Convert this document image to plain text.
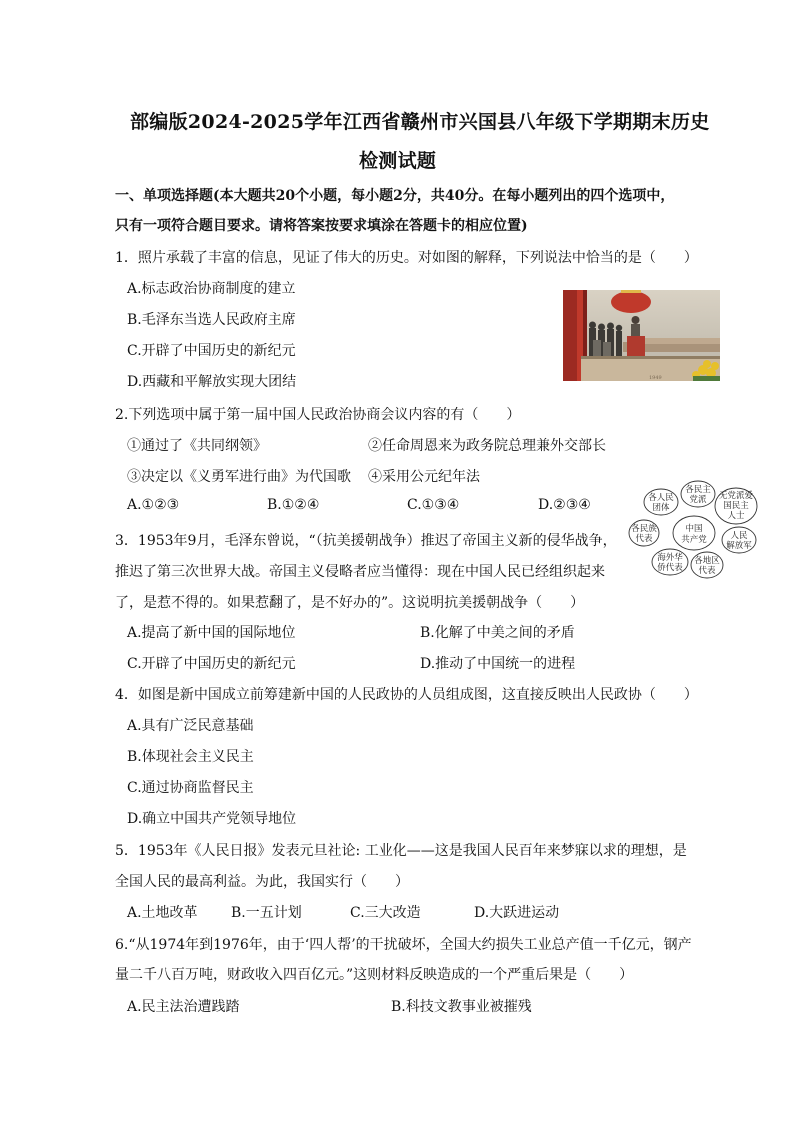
部编版2024-2025学年江西省赣州市兴国县八年级下学期期末历史
检测试题
一、单项选择题(本大题共20个小题，每小题2分，共40分。在每小题列出的四个选项中，
只有一项符合题目要求。请将答案按要求填涂在答题卡的相应位置)
1．照片承载了丰富的信息，见证了伟大的历史。对如图的解释，下列说法中恰当的是（　　）
A.标志政治协商制度的建立
B.毛泽东当选人民政府主席
C.开辟了中国历史的新纪元
D.西藏和平解放实现大团结	1949
2.下列选项中属于第一届中国人民政治协商会议内容的有（　　）
①通过了《共同纲领》	②任命周恩来为政务院总理兼外交部长
③决定以《义勇军进行曲》为代国歌 ④采用公元纪年法
A.①②③	B.①②④	C.①③④	D.②③④
中国
共产党
各人民
团体
各民主
党派 无党派爱
国民主
人士
各民族
代表	人民
解放军
海外华
侨代表
各地区
代表
3．1953年9月，毛泽东曾说，“（抗美援朝战争）推迟了帝国主义新的侵华战争，
推迟了第三次世界大战。帝国主义侵略者应当懂得：现在中国人民已经组织起来
了，是惹不得的。如果惹翻了，是不好办的”。这说明抗美援朝战争（　　）
A.提高了新中国的国际地位	B.化解了中美之间的矛盾
C.开辟了中国历史的新纪元	D.推动了中国统一的进程
4．如图是新中国成立前筹建新中国的人民政协的人员组成图，这直接反映出人民政协（　　）
A.具有广泛民意基础
B.体现社会主义民主
C.通过协商监督民主
D.确立中国共产党领导地位
5．1953年《人民日报》发表元旦社论: 工业化——这是我国人民百年来梦寐以求的理想，是
全国人民的最高利益。为此，我国实行（　　）
A.土地改革 B.一五计划	C.三大改造	D.大跃进运动
6.“从1974年到1976年，由于‘四人帮’的干扰破坏，全国大约损失工业总产值一千亿元，钢产
量二千八百万吨，财政收入四百亿元。”这则材料反映造成的一个严重后果是（　　）
A.民主法治遭践踏	B.科技文教事业被摧残
